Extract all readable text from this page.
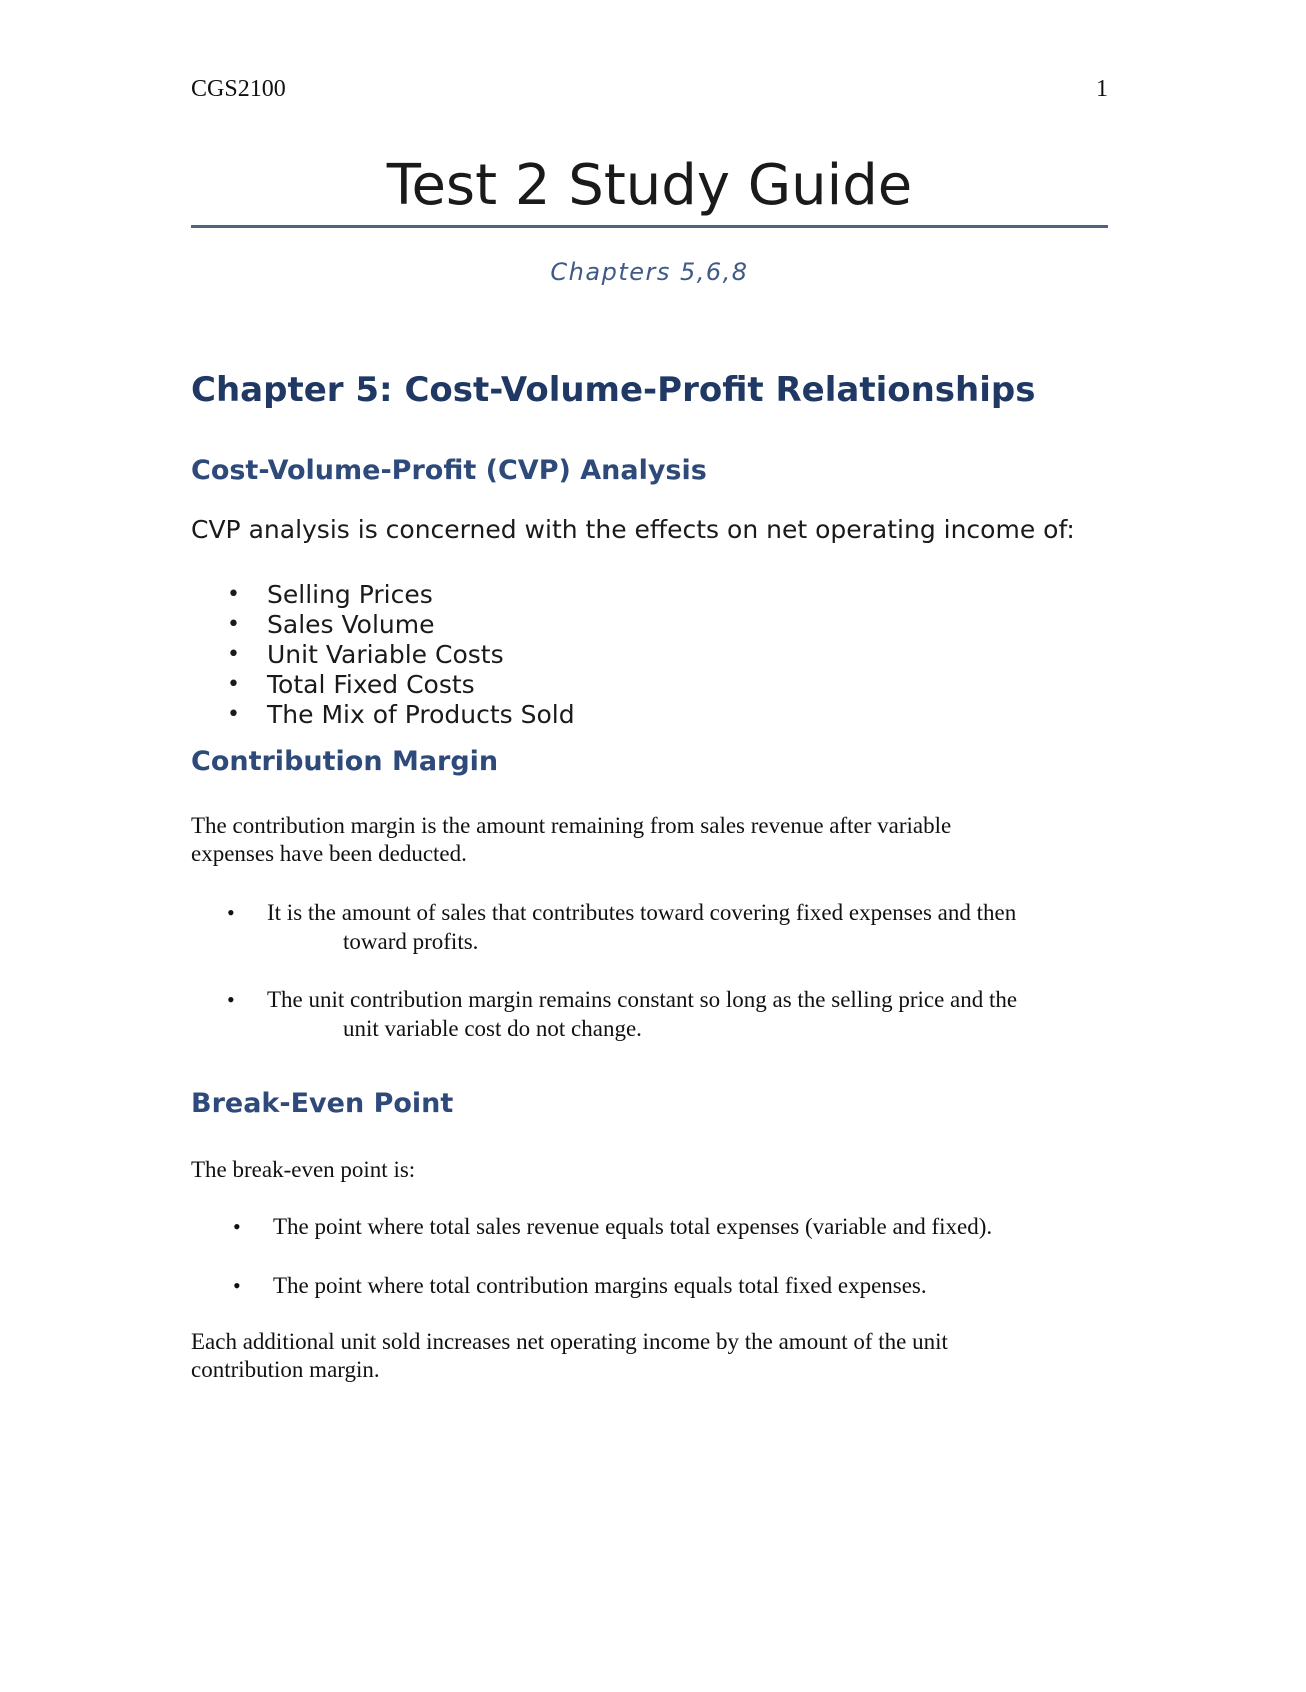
CGS2100	1
Test 2 Study Guide
Chapters 5,6,8
Chapter 5: Cost-Volume-Profit Relationships
Cost-Volume-Profit (CVP) Analysis
CVP analysis is concerned with the effects on net operating income of:
• Selling Prices
• Sales Volume
• Unit Variable Costs
• Total Fixed Costs
• The Mix of Products Sold
Contribution Margin
The contribution margin is the amount remaining from sales revenue after variable
expenses have been deducted.
• It is the amount of sales that contributes toward covering fixed expenses and then
toward profits.
• The unit contribution margin remains constant so long as the selling price and the
unit variable cost do not change.
Break-Even Point
The break-even point is:
• The point where total sales revenue equals total expenses (variable and fixed).
• The point where total contribution margins equals total fixed expenses.
Each additional unit sold increases net operating income by the amount of the unit
contribution margin.
